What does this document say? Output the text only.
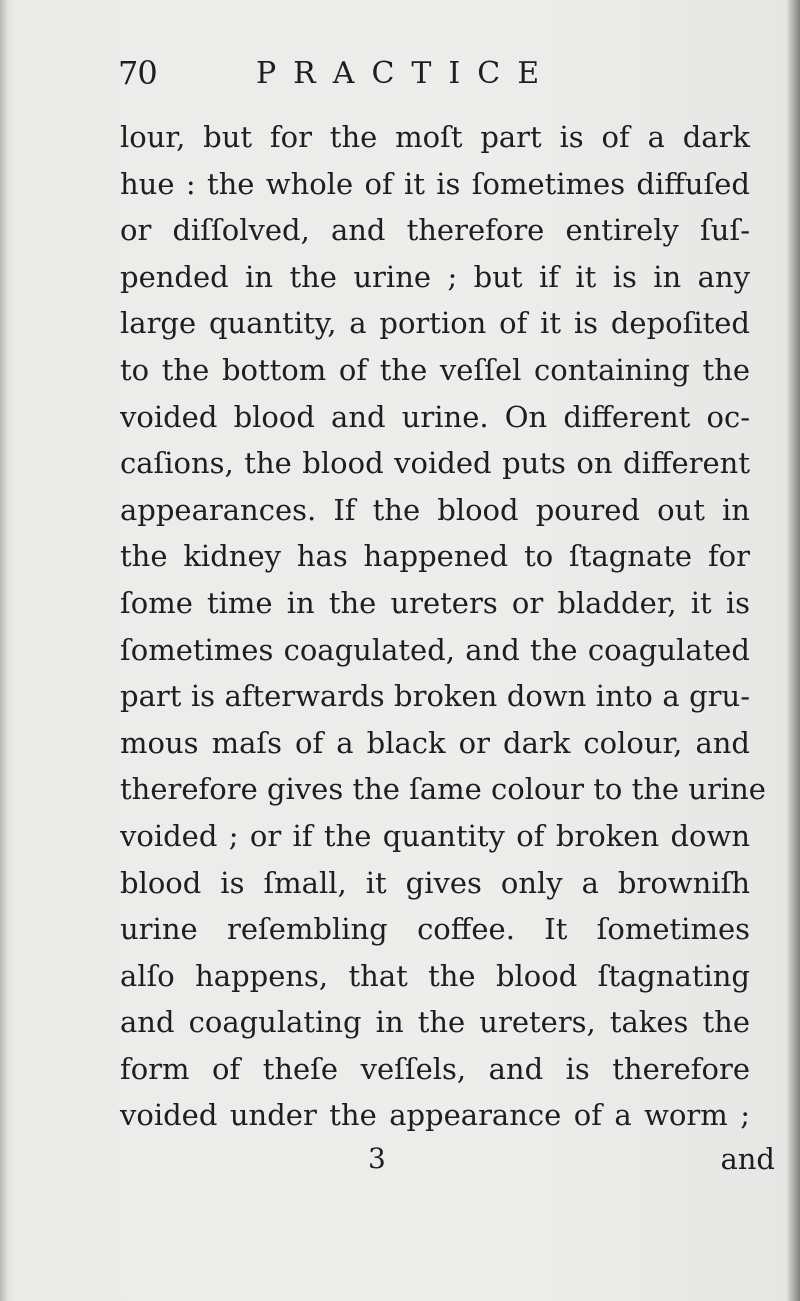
70	PRACTICE
lour, but for the moſt part is of a dark
hue : the whole of it is ſometimes diffuſed
or diſſolved, and therefore entirely ſuſ-
pended in the urine ; but if it is in any
large quantity, a portion of it is depoſited
to the bottom of the veſſel containing the
voided blood and urine. On different oc-
caſions, the blood voided puts on different
appearances. If the blood poured out in
the kidney has happened to ſtagnate for
ſome time in the ureters or bladder, it is
ſometimes coagulated, and the coagulated
part is afterwards broken down into a gru-
mous maſs of a black or dark colour, and
therefore gives the ſame colour to the urine
voided ; or if the quantity of broken down
blood is ſmall, it gives only a browniſh
urine reſembling coffee. It ſometimes
alſo happens, that the blood ſtagnating
and coagulating in the ureters, takes the
form of theſe veſſels, and is therefore
voided under the appearance of a worm ;
3	and
